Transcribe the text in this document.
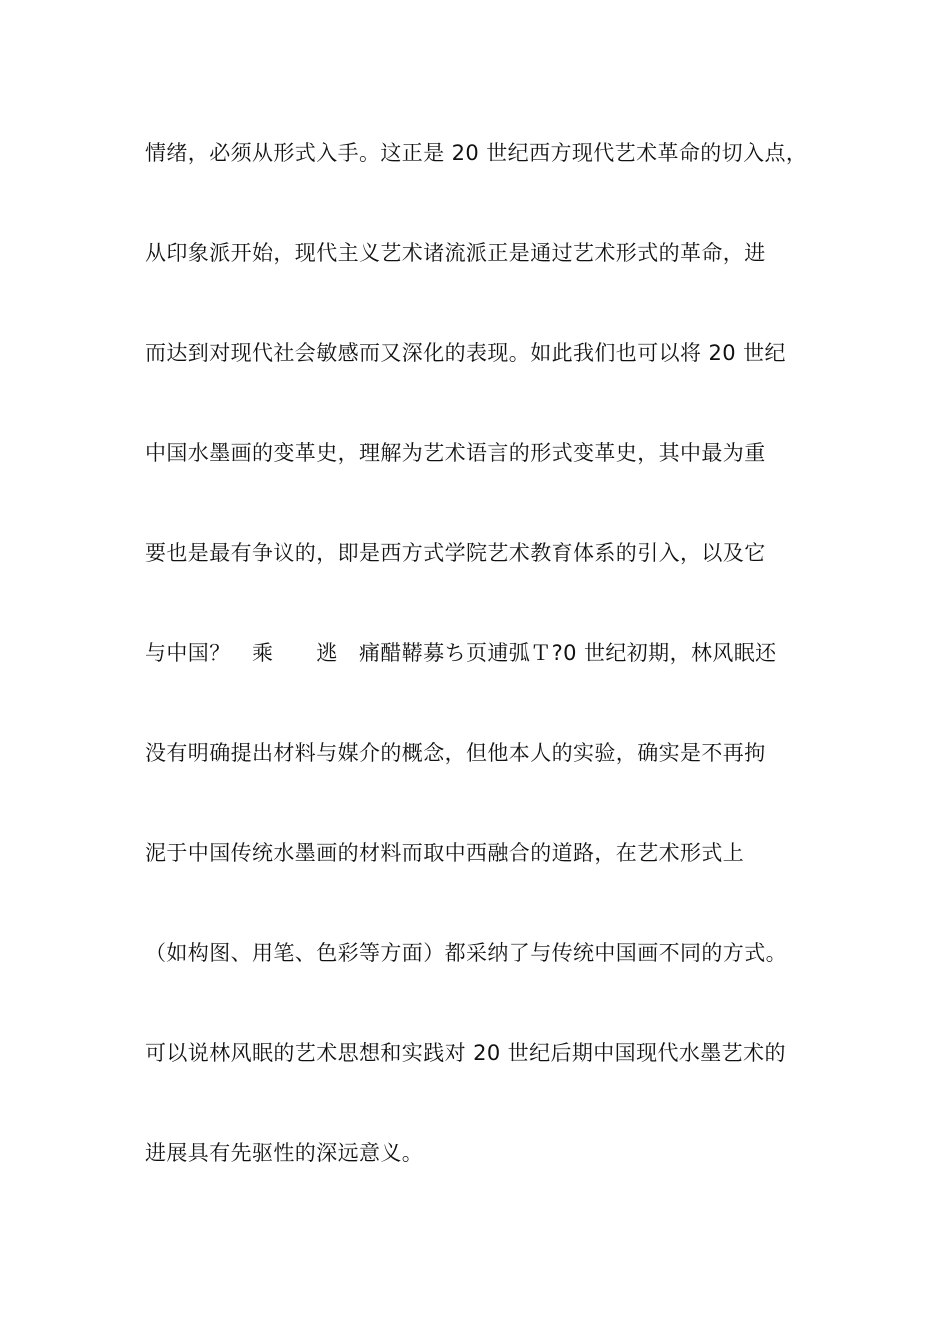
情绪，必须从形式入手。这正是 20 世纪西方现代艺术革命的切入点，
从印象派开始，现代主义艺术诸流派正是通过艺术形式的革命，进
而达到对现代社会敏感而又深化的表现。如此我们也可以将 20 世纪
中国水墨画的变革史，理解为艺术语言的形式变革史，其中最为重
要也是最有争议的，即是西方式学院艺术教育体系的引入，以及它
与中国？　乘　　逃　痛醋鞯募ち页逋弧Ｔ?0 世纪初期，林风眠还
没有明确提出材料与媒介的概念，但他本人的实验，确实是不再拘
泥于中国传统水墨画的材料而取中西融合的道路，在艺术形式上
（如构图、用笔、色彩等方面）都采纳了与传统中国画不同的方式。
可以说林风眠的艺术思想和实践对 20 世纪后期中国现代水墨艺术的
进展具有先驱性的深远意义。
